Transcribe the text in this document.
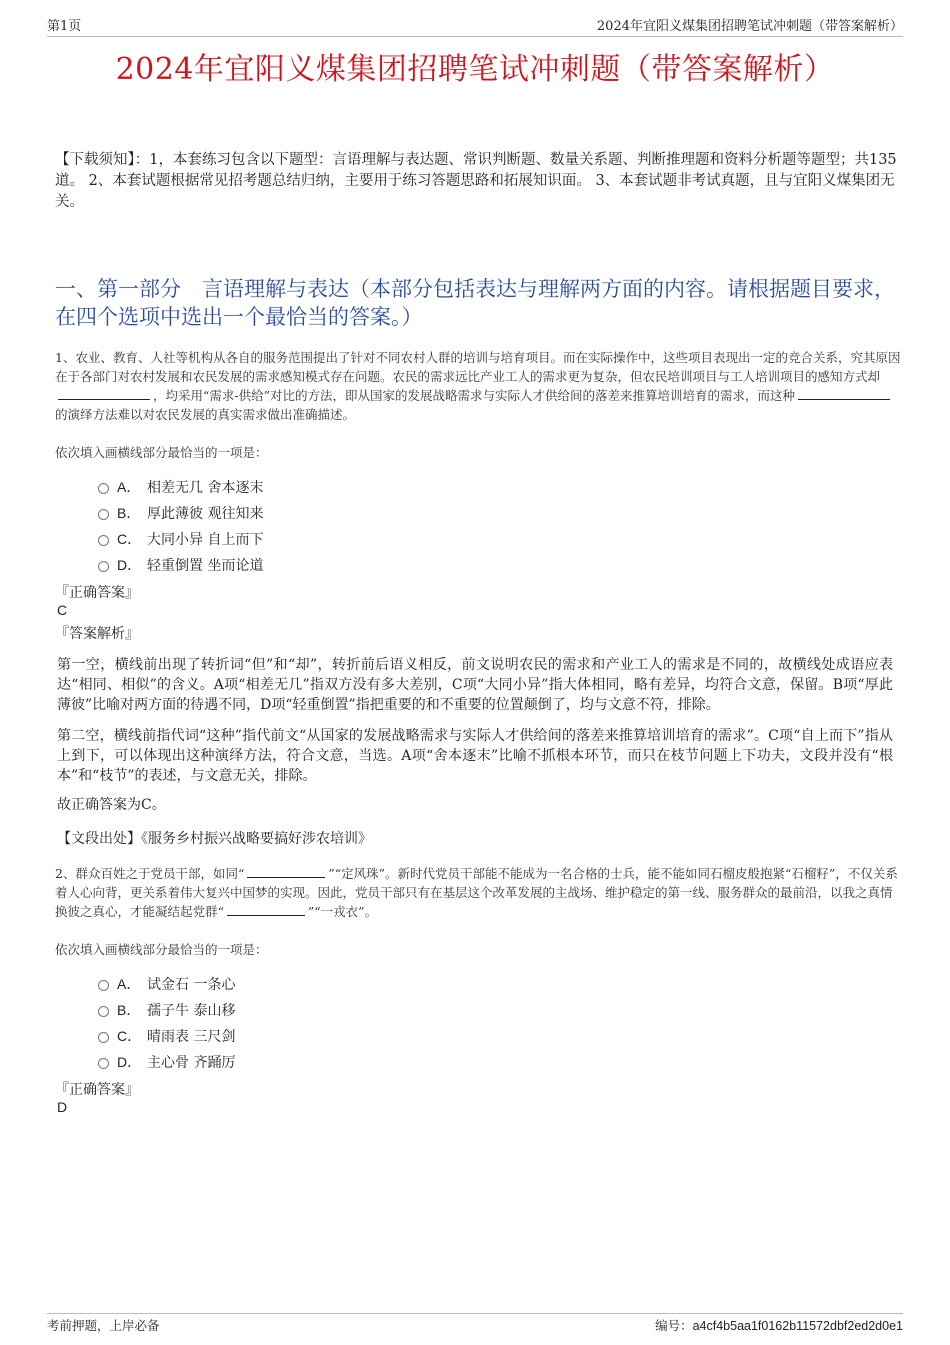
第1页	2024年宜阳义煤集团招聘笔试冲刺题（带答案解析）
2024年宜阳义煤集团招聘笔试冲刺题（带答案解析）
【下载须知】：1，本套练习包含以下题型：言语理解与表达题、常识判断题、数量关系题、判断推理题和资料分析题等题型；共135道。 2、本套试题根据常见招考题总结归纳，主要用于练习答题思路和拓展知识面。 3、本套试题非考试真题，且与宜阳义煤集团无关。
一、第一部分　言语理解与表达（本部分包括表达与理解两方面的内容。请根据题目要求，在四个选项中选出一个最恰当的答案。）
1、农业、教育、人社等机构从各自的服务范围提出了针对不同农村人群的培训与培育项目。而在实际操作中，这些项目表现出一定的竞合关系，究其原因在于各部门对农村发展和农民发展的需求感知模式存在问题。农民的需求远比产业工人的需求更为复杂，但农民培训项目与工人培训项目的感知方式却，均采用“需求-供给”对比的方法，即从国家的发展战略需求与实际人才供给间的落差来推算培训培育的需求，而这种的演绎方法难以对农民发展的真实需求做出准确描述。
依次填入画横线部分最恰当的一项是：
A． 相差无几 舍本逐末
B． 厚此薄彼 观往知来
C． 大同小异 自上而下
D． 轻重倒置 坐而论道
『正确答案』
C
『答案解析』
第一空，横线前出现了转折词“但”和“却”，转折前后语义相反，前文说明农民的需求和产业工人的需求是不同的，故横线处成语应表达“相同、相似”的含义。A项“相差无几”指双方没有多大差别，C项“大同小异”指大体相同，略有差异，均符合文意，保留。B项“厚此薄彼”比喻对两方面的待遇不同，D项“轻重倒置”指把重要的和不重要的位置颠倒了，均与文意不符，排除。
第二空，横线前指代词“这种”指代前文“从国家的发展战略需求与实际人才供给间的落差来推算培训培育的需求”。C项“自上而下”指从上到下，可以体现出这种演绎方法，符合文意，当选。A项“舍本逐末”比喻不抓根本环节，而只在枝节问题上下功夫，文段并没有“根本”和“枝节”的表述，与文意无关，排除。
故正确答案为C。
【文段出处】《服务乡村振兴战略要搞好涉农培训》
2、群众百姓之于党员干部，如同“	”“定风珠”。新时代党员干部能不能成为一名合格的士兵，能不能如同石榴皮般抱紧“石榴籽”，不仅关系着人心向背，更关系着伟大复兴中国梦的实现。因此，党员干部只有在基层这个改革发展的主战场、维护稳定的第一线、服务群众的最前沿，以我之真情换彼之真心，才能凝结起党群“	”“一戎衣”。
依次填入画横线部分最恰当的一项是：
A． 试金石 一条心
B． 孺子牛 泰山移
C． 晴雨表 三尺剑
D． 主心骨 齐踊厉
『正确答案』
D
考前押题，上岸必备	编号：a4cf4b5aa1f0162b11572dbf2ed2d0e1
